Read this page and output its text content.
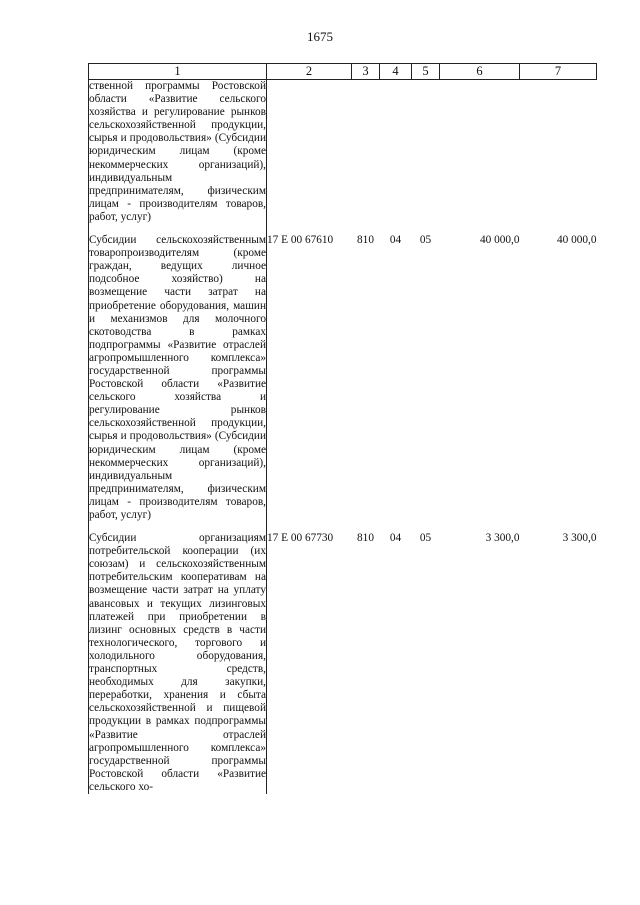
1675
1	2	3	4	5	6	7
ственной программы Ростовской области «Развитие сельского хозяйства и регулирование рынков сельскохозяйственной продукции, сырья и продовольствия» (Субсидии юридическим лицам (кроме некоммерческих организаций), индивидуальным предпринимателям, физическим лицам - производителям товаров, работ, услуг)						

Субсидии сельскохозяйственным товаропроизводителям (кроме граждан, ведущих личное подсобное хозяйство) на возмещение части затрат на приобретение оборудования, машин и механизмов для молочного скотоводства в рамках подпрограммы «Развитие отраслей агропромышленного комплекса» государственной программы Ростовской области «Развитие сельского хозяйства и регулирование рынков сельскохозяйственной продукции, сырья и продовольствия» (Субсидии юридическим лицам (кроме некоммерческих организаций), индивидуальным предпринимателям, физическим лицам - производителям товаров, работ, услуг)	17 Е 00 67610	810	04	05	40 000,0	40 000,0

Субсидии организациям потребительской кооперации (их союзам) и сельскохозяйственным потребительским кооперативам на возмещение части затрат на уплату авансовых и текущих лизинговых платежей при приобретении в лизинг основных средств в части технологического, торгового и холодильного оборудования, транспортных средств, необходимых для закупки, переработки, хранения и сбыта сельскохозяйственной и пищевой продукции в рамках подпрограммы «Развитие отраслей агропромышленного комплекса» государственной программы Ростовской области «Развитие сельского хо-	17 Е 00 67730	810	04	05	3 300,0	3 300,0
